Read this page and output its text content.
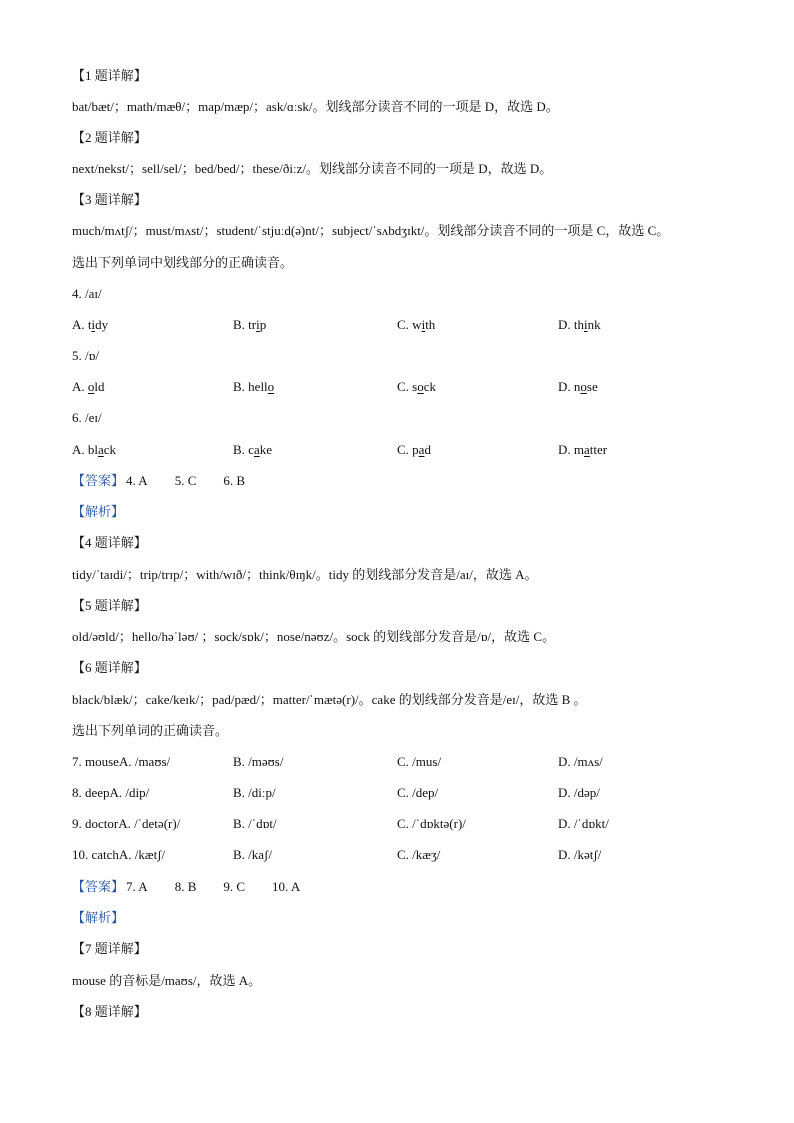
【1 题详解】
bat/bæt/；math/mæθ/；map/mæp/；ask/ɑːsk/。划线部分读音不同的一项是 D，故选 D。
【2 题详解】
next/nekst/；sell/sel/；bed/bed/；these/ðiːz/。划线部分读音不同的一项是 D，故选 D。
【3 题详解】
much/mʌtʃ/；must/mʌst/；student/ˈstjuːd(ə)nt/；subject/ˈsʌbdʒɪkt/。划线部分读音不同的一项是 C，故选 C。
选出下列单词中划线部分的正确读音。
4. /aɪ/
A. tidy	B. trip	C. with	D. think
5. /ɒ/
A. old	B. hello	C. sock	D. nose
6. /eɪ/
A. black	B. cake	C. pad	D. matter
【答案】 4. A 5. C 6. B
【解析】
【4 题详解】
tidy/ˈtaɪdi/；trip/trɪp/；with/wɪð/；think/θɪŋk/。tidy 的划线部分发音是/aɪ/，故选 A。
【5 题详解】
old/əʊld/；hello/həˈləʊ/ ；sock/sɒk/；nose/nəʊz/。sock 的划线部分发音是/ɒ/，故选 C。
【6 题详解】
black/blæk/；cake/keɪk/；pad/pæd/；matter/ˈmætə(r)/。cake 的划线部分发音是/eɪ/，故选 B 。
选出下列单词的正确读音。
7. mouseA. /maʊs/	B. /məʊs/	C. /mus/	D. /mʌs/
8. deepA. /dip/	B. /diːp/	C. /dep/	D. /dəp/
9. doctorA. /ˈdetə(r)/	B. /ˈdɒt/	C. /ˈdɒktə(r)/	D. /ˈdɒkt/
10. catchA. /kætʃ/	B. /kaʃ/	C. /kæʒ/	D. /kətʃ/
【答案】 7. A 8. B 9. C 10. A
【解析】
【7 题详解】
mouse 的音标是/maʊs/，故选 A。
【8 题详解】
